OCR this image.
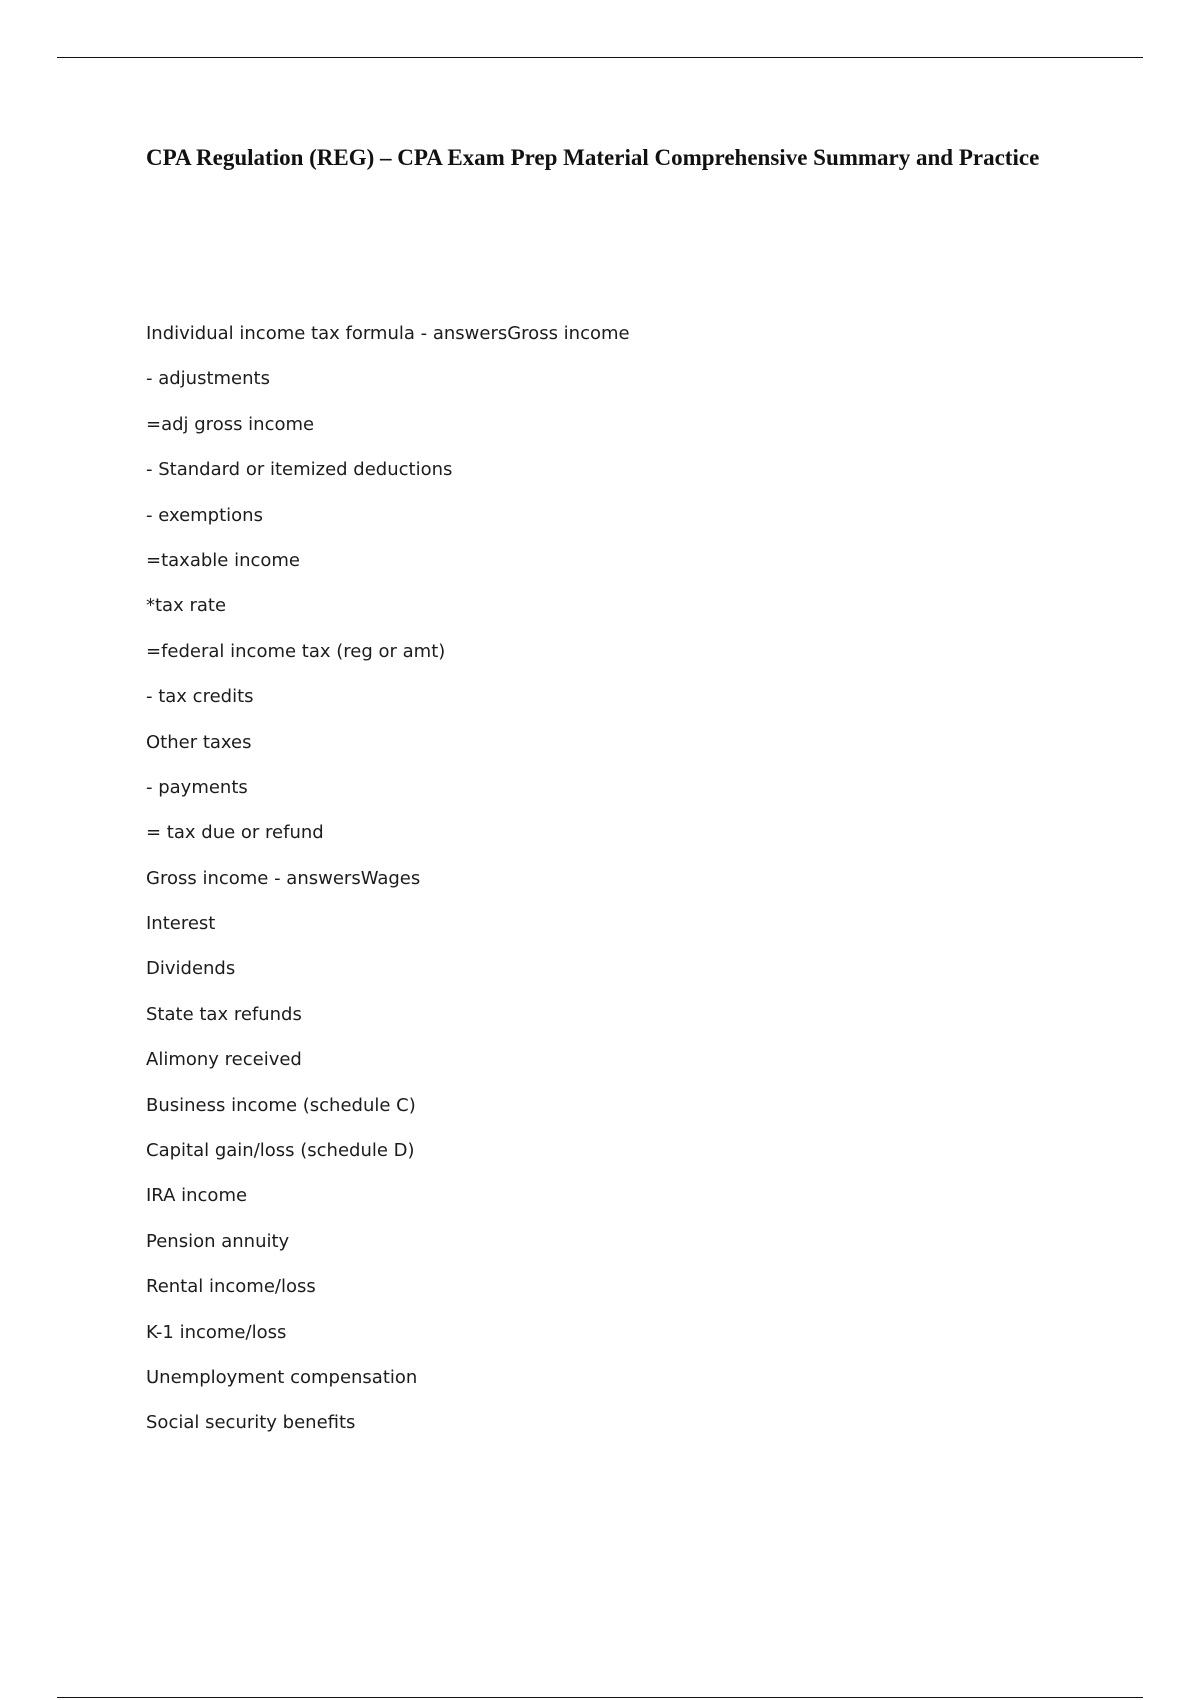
CPA Regulation (REG) – CPA Exam Prep Material Comprehensive Summary and Practice
Individual income tax formula - answersGross income
- adjustments
=adj gross income
- Standard or itemized deductions
- exemptions
=taxable income
*tax rate
=federal income tax (reg or amt)
- tax credits
Other taxes
- payments
= tax due or refund
Gross income - answersWages
Interest
Dividends
State tax refunds
Alimony received
Business income (schedule C)
Capital gain/loss (schedule D)
IRA income
Pension annuity
Rental income/loss
K-1 income/loss
Unemployment compensation
Social security benefits
